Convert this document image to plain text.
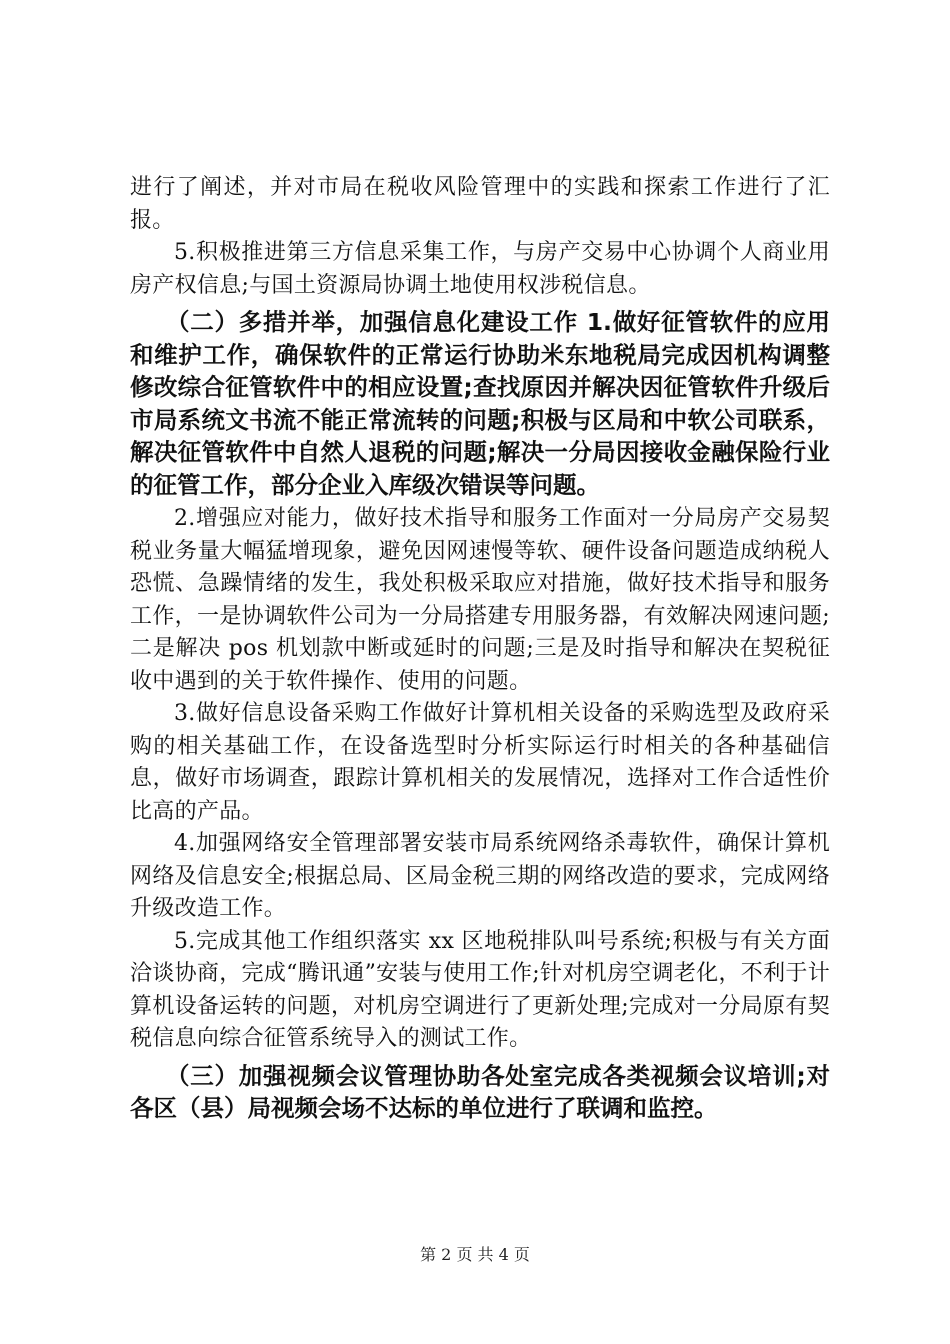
进行了阐述，并对市局在税收风险管理中的实践和探索工作进行了汇报。

5.积极推进第三方信息采集工作，与房产交易中心协调个人商业用房产权信息;与国土资源局协调土地使用权涉税信息。

（二）多措并举，加强信息化建设工作 1.做好征管软件的应用和维护工作，确保软件的正常运行协助米东地税局完成因机构调整修改综合征管软件中的相应设置;查找原因并解决因征管软件升级后市局系统文书流不能正常流转的问题;积极与区局和中软公司联系，解决征管软件中自然人退税的问题;解决一分局因接收金融保险行业的征管工作，部分企业入库级次错误等问题。

2.增强应对能力，做好技术指导和服务工作面对一分局房产交易契税业务量大幅猛增现象，避免因网速慢等软、硬件设备问题造成纳税人恐慌、急躁情绪的发生，我处积极采取应对措施，做好技术指导和服务工作，一是协调软件公司为一分局搭建专用服务器，有效解决网速问题;二是解决 pos 机划款中断或延时的问题;三是及时指导和解决在契税征收中遇到的关于软件操作、使用的问题。

3.做好信息设备采购工作做好计算机相关设备的采购选型及政府采购的相关基础工作，在设备选型时分析实际运行时相关的各种基础信息，做好市场调查，跟踪计算机相关的发展情况，选择对工作合适性价比高的产品。

4.加强网络安全管理部署安装市局系统网络杀毒软件，确保计算机网络及信息安全;根据总局、区局金税三期的网络改造的要求，完成网络升级改造工作。

5.完成其他工作组织落实 xx 区地税排队叫号系统;积极与有关方面洽谈协商，完成“腾讯通”安装与使用工作;针对机房空调老化，不利于计算机设备运转的问题，对机房空调进行了更新处理;完成对一分局原有契税信息向综合征管系统导入的测试工作。

（三）加强视频会议管理协助各处室完成各类视频会议培训;对各区（县）局视频会场不达标的单位进行了联调和监控。

第 2 页 共 4 页
